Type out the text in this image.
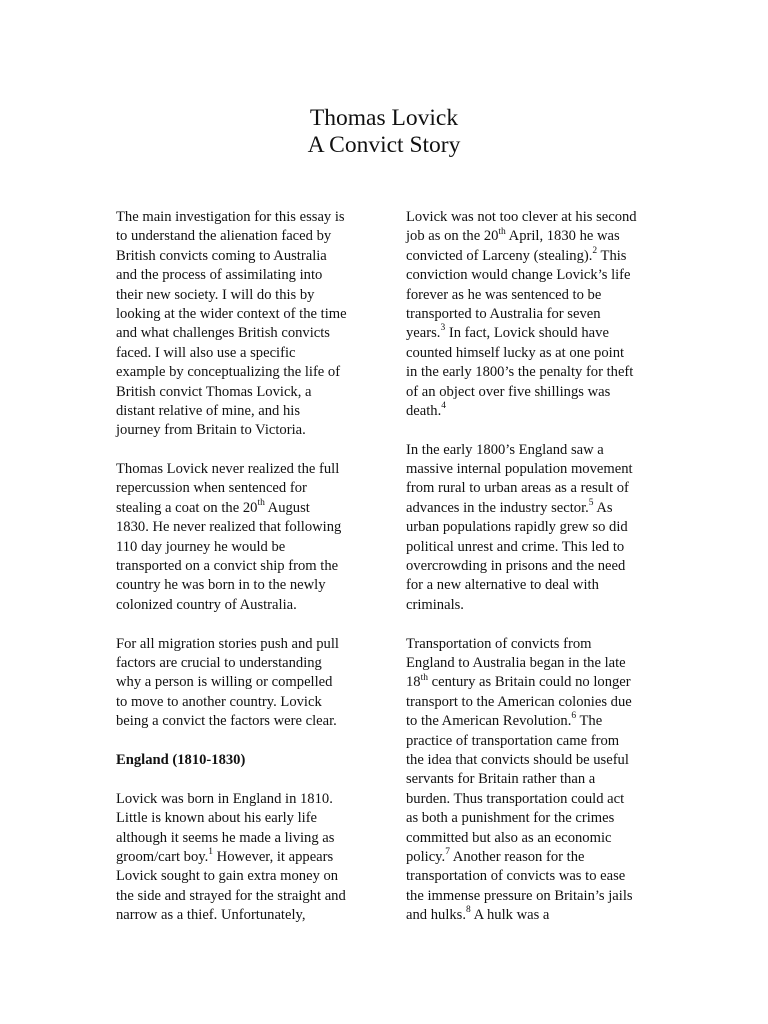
Thomas Lovick
A Convict Story
The main investigation for this essay is
to understand the alienation faced by
British convicts coming to Australia
and the process of assimilating into
their new society. I will do this by
looking at the wider context of the time
and what challenges British convicts
faced. I will also use a specific
example by conceptualizing the life of
British convict Thomas Lovick, a
distant relative of mine, and his
journey from Britain to Victoria.
Thomas Lovick never realized the full
repercussion when sentenced for
stealing a coat on the 20th August
1830. He never realized that following
110 day journey he would be
transported on a convict ship from the
country he was born in to the newly
colonized country of Australia.
For all migration stories push and pull
factors are crucial to understanding
why a person is willing or compelled
to move to another country. Lovick
being a convict the factors were clear.
England (1810-1830)
Lovick was born in England in 1810.
Little is known about his early life
although it seems he made a living as
groom/cart boy.$^1$ However, it appears
Lovick sought to gain extra money on
the side and strayed for the straight and
narrow as a thief. Unfortunately,
Lovick was not too clever at his second
job as on the 20th April, 1830 he was
convicted of Larceny (stealing).$^2$ This
conviction would change Lovick’s life
forever as he was sentenced to be
transported to Australia for seven
years.$^3$ In fact, Lovick should have
counted himself lucky as at one point
in the early 1800’s the penalty for theft
of an object over five shillings was
death.$^4$
In the early 1800’s England saw a
massive internal population movement
from rural to urban areas as a result of
advances in the industry sector.$^5$ As
urban populations rapidly grew so did
political unrest and crime. This led to
overcrowding in prisons and the need
for a new alternative to deal with
criminals.
Transportation of convicts from
England to Australia began in the late
18th century as Britain could no longer
transport to the American colonies due
to the American Revolution.$^6$ The
practice of transportation came from
the idea that convicts should be useful
servants for Britain rather than a
burden. Thus transportation could act
as both a punishment for the crimes
committed but also as an economic
policy.$^7$ Another reason for the
transportation of convicts was to ease
the immense pressure on Britain’s jails
and hulks.$^8$ A hulk was a
